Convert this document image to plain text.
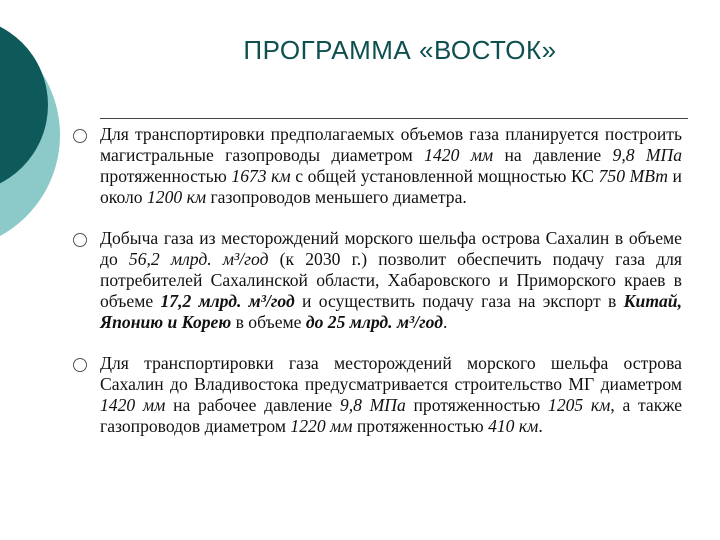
ПРОГРАММА «ВОСТОК»
Для транспортировки предполагаемых объемов газа планируется построить магистральные газопроводы диаметром 1420 мм на давление 9,8 МПа протяженностью 1673 км с общей установленной мощностью КС 750 МВт и около 1200 км газопроводов меньшего диаметра.
Добыча газа из месторождений морского шельфа острова Сахалин в объеме до 56,2 млрд. м³/год (к 2030 г.) позволит обеспечить подачу газа для потребителей Сахалинской области, Хабаровского и Приморского краев в объеме 17,2 млрд. м³/год и осуществить подачу газа на экспорт в Китай, Японию и Корею в объеме до 25 млрд. м³/год.
Для транспортировки газа месторождений морского шельфа острова Сахалин до Владивостока предусматривается строительство МГ диаметром 1420 мм на рабочее давление 9,8 МПа протяженностью 1205 км, а также газопроводов диаметром 1220 мм протяженностью 410 км.
